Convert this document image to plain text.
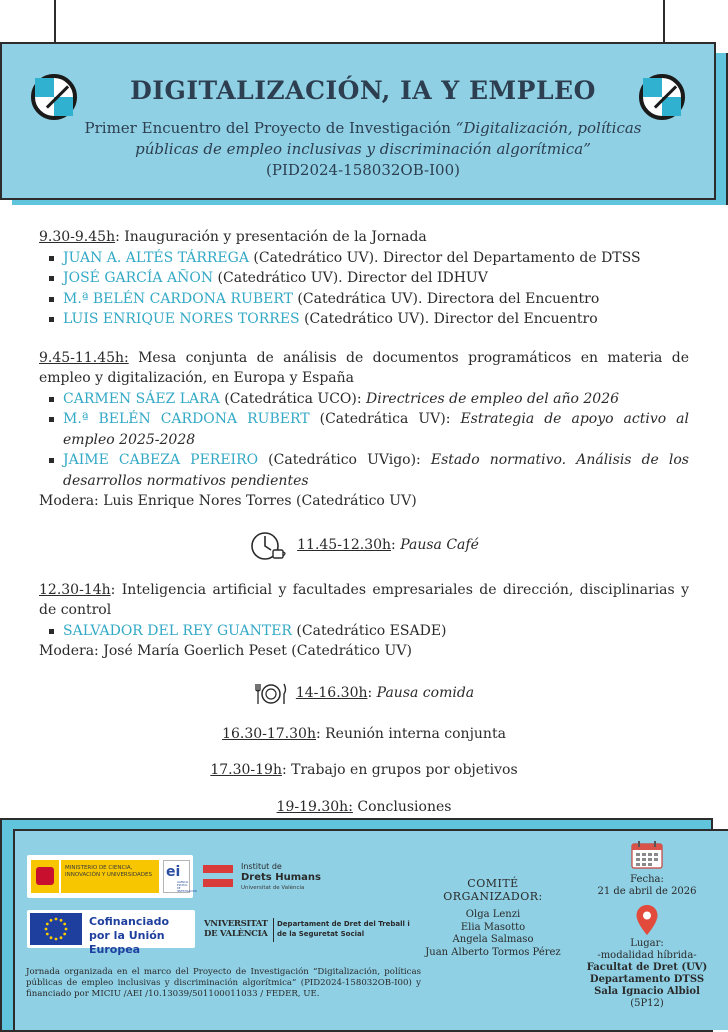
DIGITALIZACIÓN, IA Y EMPLEO
Primer Encuentro del Proyecto de Investigación “Digitalización, políticas públicas de empleo inclusivas y discriminación algorítmica”
(PID2024-158032OB-I00)
9.30-9.45h: Inauguración y presentación de la Jornada
JUAN A. ALTÉS TÁRREGA (Catedrático UV). Director del Departamento de DTSS
JOSÉ GARCÍA AÑON (Catedrático UV). Director del IDHUV
M.ª BELÉN CARDONA RUBERT (Catedrática UV). Directora del Encuentro
LUIS ENRIQUE NORES TORRES (Catedrático UV). Director del Encuentro
9.45-11.45h: Mesa conjunta de análisis de documentos programáticos en materia de empleo y digitalización, en Europa y España
CARMEN SÁEZ LARA (Catedrática UCO): Directrices de empleo del año 2026
M.ª BELÉN CARDONA RUBERT (Catedrática UV): Estrategia de apoyo activo al empleo 2025-2028
JAIME CABEZA PEREIRO (Catedrático UVigo): Estado normativo. Análisis de los desarrollos normativos pendientes
Modera: Luis Enrique Nores Torres (Catedrático UV)
11.45-12.30h: Pausa Café
12.30-14h: Inteligencia artificial y facultades empresariales de dirección, disciplinarias y de control
SALVADOR DEL REY GUANTER (Catedrático ESADE)
Modera: José María Goerlich Peset (Catedrático UV)
14-16.30h: Pausa comida
16.30-17.30h: Reunión interna conjunta
17.30-19h: Trabajo en grupos por objetivos
19-19.30h: Conclusiones
MINISTERIO DE CIENCIA, INNOVACIÓN Y UNIVERSIDADES	ei
AGENCIA ESTATAL DE INVESTIGACIÓN
Institut de
Drets Humans
Universitat de València
Cofinanciado por la Unión Europea
VNIVERSITAT DE VALÈNCIA
Departament de Dret del Treball i de la Seguretat Social
COMITÉ ORGANIZADOR:
Olga Lenzi
Elia Masotto
Angela Salmaso
Juan Alberto Tormos Pérez
Fecha:
21 de abril de 2026
Lugar:
-modalidad híbrida-
Facultat de Dret (UV)
Departamento DTSS
Sala Ignacio Albiol
(5P12)
Jornada organizada en el marco del Proyecto de Investigación “Digitalización, políticas públicas de empleo inclusivas y discriminación algorítmica” (PID2024-158032OB-I00) y financiado por MICIU /AEI /10.13039/501100011033 / FEDER, UE.
